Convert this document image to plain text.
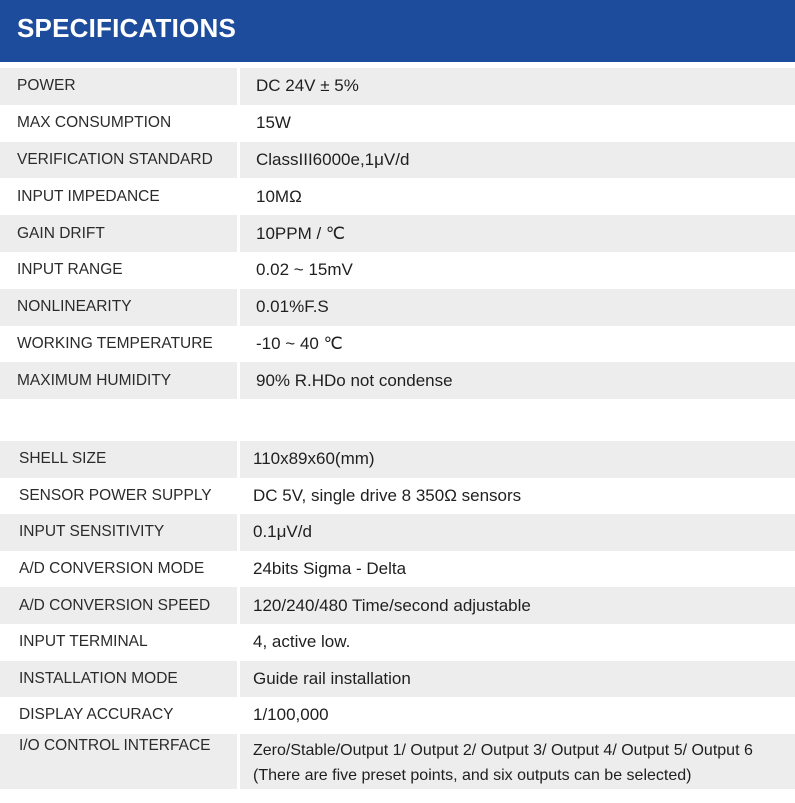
SPECIFICATIONS
POWER	DC 24V ± 5%
MAX CONSUMPTION	15W
VERIFICATION STANDARD	ClassIII6000e,1μV/d
INPUT IMPEDANCE	10MΩ
GAIN DRIFT	10PPM / ℃
INPUT RANGE	0.02 ~ 15mV
NONLINEARITY	0.01%F.S
WORKING TEMPERATURE	-10 ~ 40 ℃
MAXIMUM HUMIDITY	90% R.HDo not condense
SHELL SIZE	110x89x60(mm)
SENSOR POWER SUPPLY	DC 5V, single drive 8 350Ω sensors
INPUT SENSITIVITY	0.1μV/d
A/D CONVERSION MODE	24bits Sigma - Delta
A/D CONVERSION SPEED	120/240/480 Time/second adjustable
INPUT TERMINAL	4, active low.
INSTALLATION MODE	Guide rail installation
DISPLAY ACCURACY	1/100,000
I/O CONTROL INTERFACE	Zero/Stable/Output 1/ Output 2/ Output 3/ Output 4/ Output 5/ Output 6
(There are five preset points, and six outputs can be selected)
